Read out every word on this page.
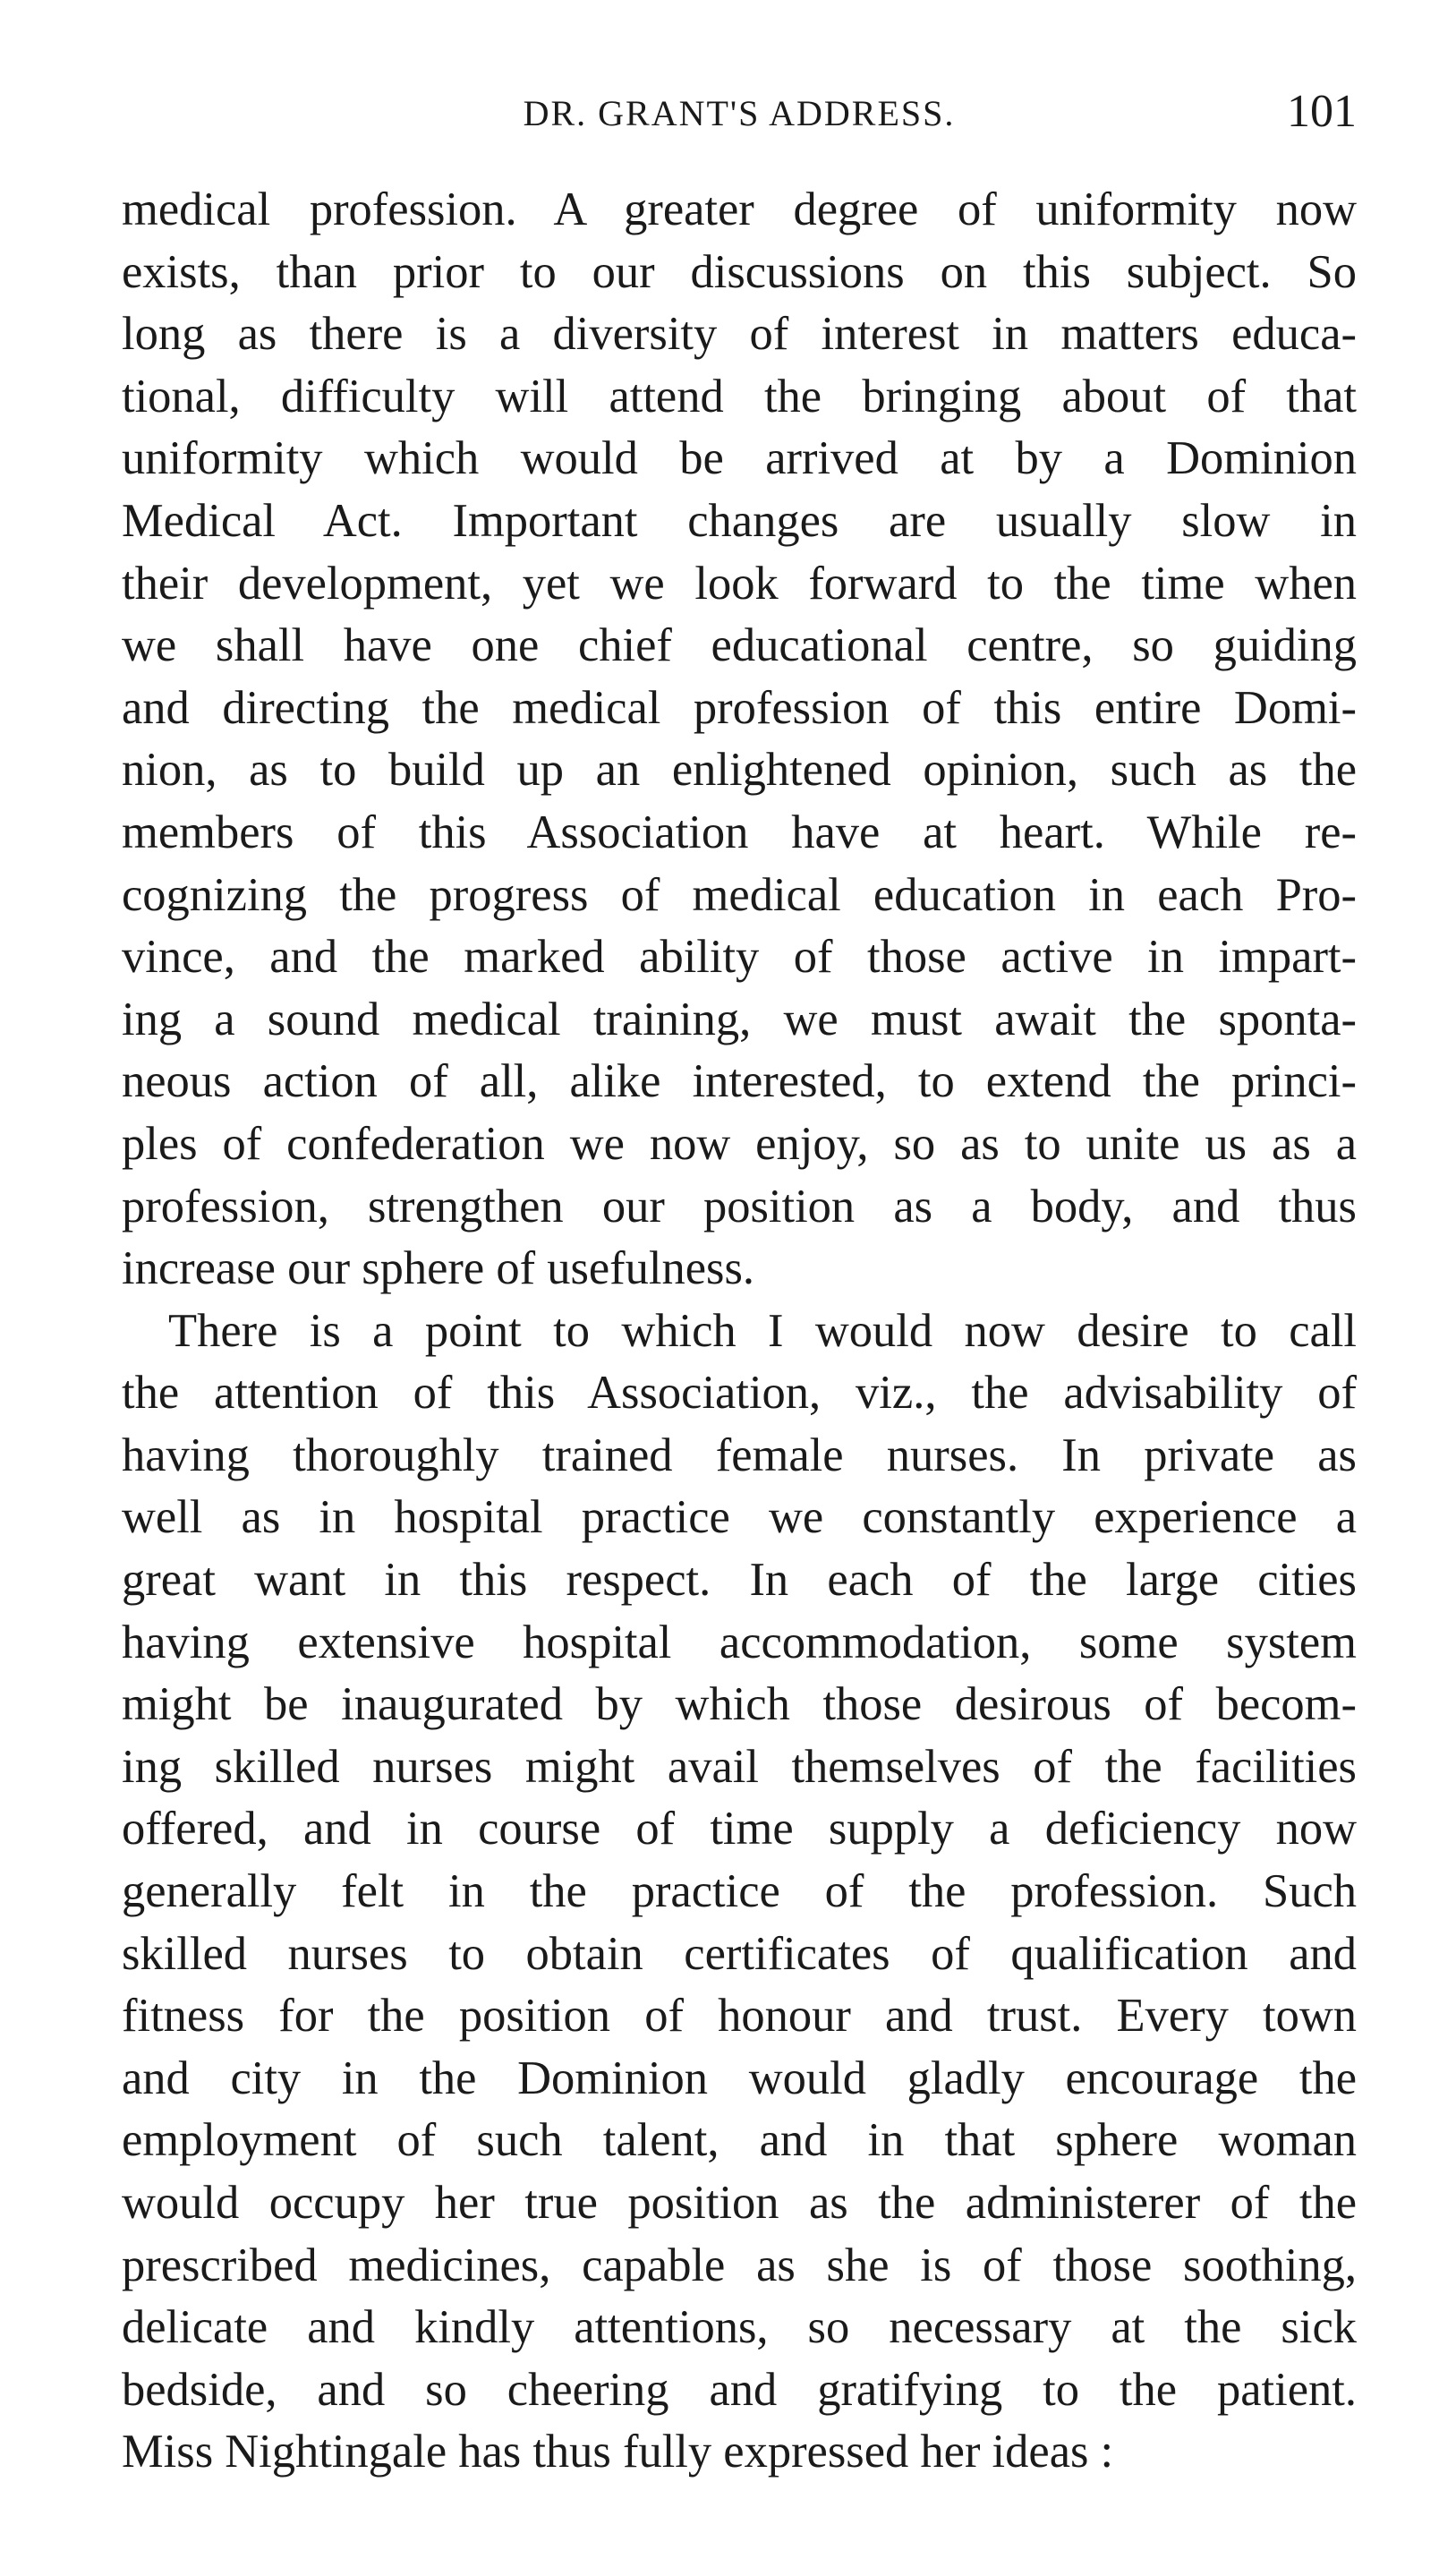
DR. GRANT'S ADDRESS.	101
medical profession. A greater degree of uniformity now
exists, than prior to our discussions on this subject. So
long as there is a diversity of interest in matters educa-
tional, difficulty will attend the bringing about of that
uniformity which would be arrived at by a Dominion
Medical Act. Important changes are usually slow in
their development, yet we look forward to the time when
we shall have one chief educational centre, so guiding
and directing the medical profession of this entire Domi-
nion, as to build up an enlightened opinion, such as the
members of this Association have at heart. While re-
cognizing the progress of medical education in each Pro-
vince, and the marked ability of those active in impart-
ing a sound medical training, we must await the sponta-
neous action of all, alike interested, to extend the princi-
ples of confederation we now enjoy, so as to unite us as a
profession, strengthen our position as a body, and thus
increase our sphere of usefulness.
There is a point to which I would now desire to call
the attention of this Association, viz., the advisability of
having thoroughly trained female nurses. In private as
well as in hospital practice we constantly experience a
great want in this respect. In each of the large cities
having extensive hospital accommodation, some system
might be inaugurated by which those desirous of becom-
ing skilled nurses might avail themselves of the facilities
offered, and in course of time supply a deficiency now
generally felt in the practice of the profession. Such
skilled nurses to obtain certificates of qualification and
fitness for the position of honour and trust. Every town
and city in the Dominion would gladly encourage the
employment of such talent, and in that sphere woman
would occupy her true position as the administerer of the
prescribed medicines, capable as she is of those soothing,
delicate and kindly attentions, so necessary at the sick
bedside, and so cheering and gratifying to the patient.
Miss Nightingale has thus fully expressed her ideas :
